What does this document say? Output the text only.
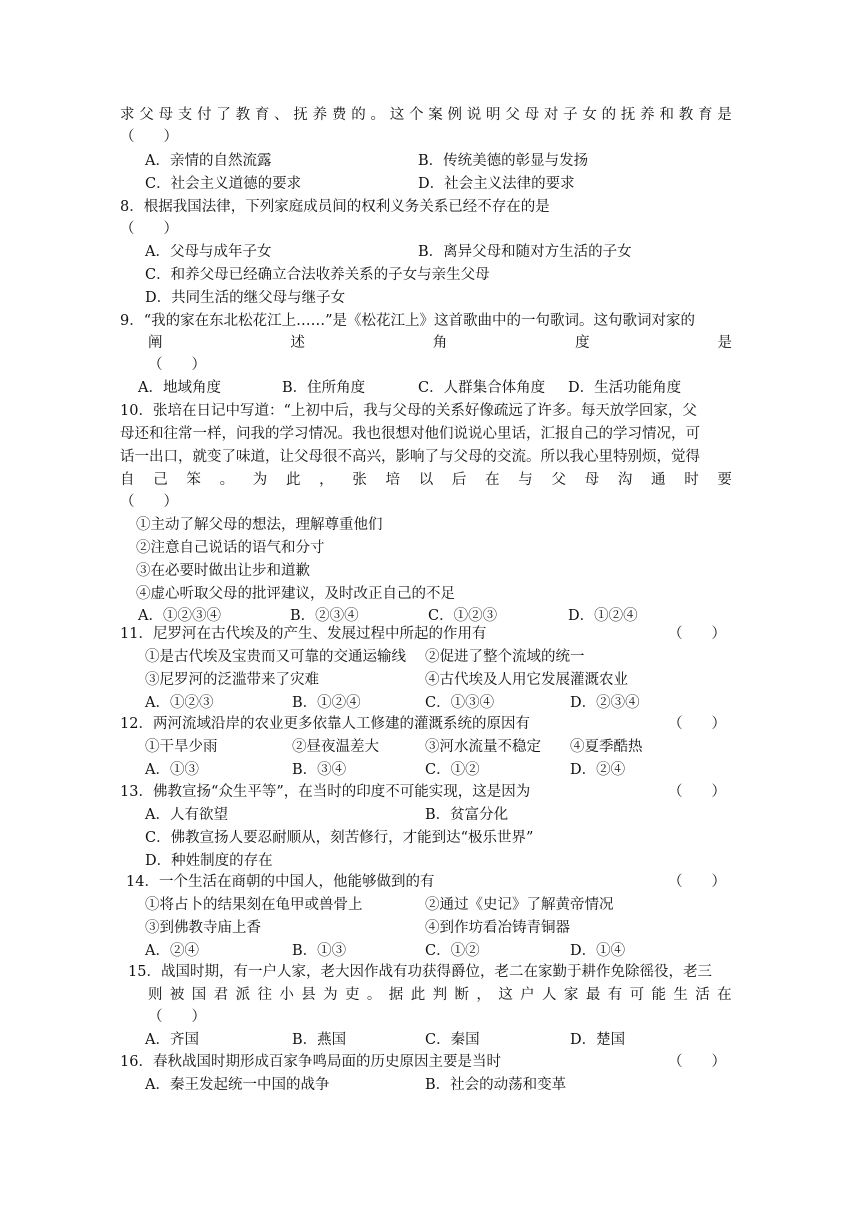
求 父 母 支 付 了 教 育 、 抚 养 费 的 。 这 个 案 例 说 明 父 母 对 子 女 的 抚 养 和 教 育 是
（　　）
A．亲情的自然流露	B．传统美德的彰显与发扬
C．社会主义道德的要求	D．社会主义法律的要求
8．根据我国法律，下列家庭成员间的权利义务关系已经不存在的是
（　　）
A．父母与成年子女	B．离异父母和随对方生活的子女
C．和养父母已经确立合法收养关系的子女与亲生父母
D．共同生活的继父母与继子女
9．“我的家在东北松花江上……”是《松花江上》这首歌曲中的一句歌词。这句歌词对家的
阐	述	角	度	是
（　　）
A．地域角度	B．住所角度	C．人群集合体角度 D．生活功能角度
10．张培在日记中写道：“上初中后，我与父母的关系好像疏远了许多。每天放学回家，父
母还和往常一样，问我的学习情况。我也很想对他们说说心里话，汇报自己的学习情况，可
话一出口，就变了味道，让父母很不高兴，影响了与父母的交流。所以我心里特别烦，觉得
自 己 笨 。 为 此 ， 张 培 以 后 在 与 父 母 沟 通 时 要
（　　）
①主动了解父母的想法，理解尊重他们
②注意自己说话的语气和分寸
③在必要时做出让步和道歉
④虚心听取父母的批评建议，及时改正自己的不足
A．①②③④	B．②③④	C．①②③	D．①②④
11．尼罗河在古代埃及的产生、发展过程中所起的作用有	（　　）
①是古代埃及宝贵而又可靠的交通运输线 ②促进了整个流域的统一
③尼罗河的泛滥带来了灾难	④古代埃及人用它发展灌溉农业
A．①②③	B．①②④	C．①③④	D．②③④
12．两河流域沿岸的农业更多依靠人工修建的灌溉系统的原因有	（　　）
①干旱少雨	②昼夜温差大	③河水流量不稳定 ④夏季酷热
A．①③	B．③④	C．①②	D．②④
13．佛教宣扬“众生平等”，在当时的印度不可能实现，这是因为	（　　）
A．人有欲望	B．贫富分化
C．佛教宣扬人要忍耐顺从，刻苦修行，才能到达“极乐世界”
D．种姓制度的存在
14．一个生活在商朝的中国人，他能够做到的有	（　　）
①将占卜的结果刻在龟甲或兽骨上	②通过《史记》了解黄帝情况
③到佛教寺庙上香	④到作坊看冶铸青铜器
A．②④	B．①③	C．①②	D．①④
15．战国时期，有一户人家，老大因作战有功获得爵位，老二在家勤于耕作免除徭役，老三
则 被 国 君 派 往 小 县 为 吏 。 据 此 判 断 ， 这 户 人 家 最 有 可 能 生 活 在
（　　）
A．齐国	B．燕国	C．秦国	D．楚国
16．春秋战国时期形成百家争鸣局面的历史原因主要是当时	（　　）
A．秦王发起统一中国的战争	B．社会的动荡和变革
